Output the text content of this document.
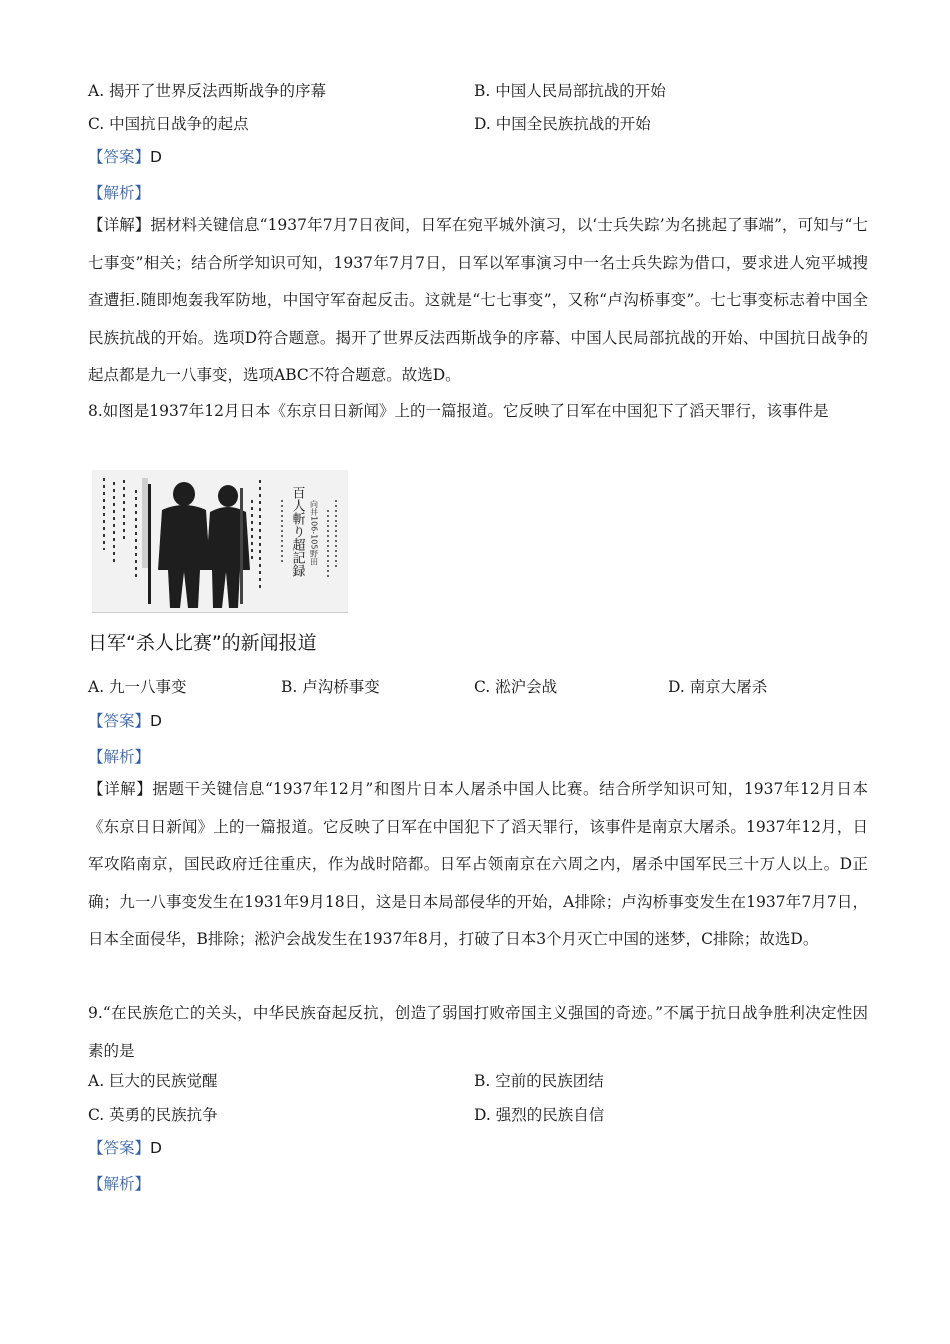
A. 揭开了世界反法西斯战争的序幕	B. 中国人民局部抗战的开始
C. 中国抗日战争的起点	D. 中国全民族抗战的开始
【答案】D
【解析】
【详解】据材料关键信息“1937年7月7日夜间，日军在宛平城外演习，以‘士兵失踪’为名挑起了事端”，可知与“七七事变”相关；结合所学知识可知，1937年7月7日，日军以军事演习中一名士兵失踪为借口，要求进人宛平城搜查遭拒.随即炮轰我军防地，中国守军奋起反击。这就是“七七事变”，又称“卢沟桥事变”。七七事变标志着中国全民族抗战的开始。选项D符合题意。揭开了世界反法西斯战争的序幕、中国人民局部抗战的开始、中国抗日战争的起点都是九一八事变，选项ABC不符合题意。故选D。
8.如图是1937年12月日本《东京日日新闻》上的一篇报道。它反映了日军在中国犯下了滔天罪行，该事件是
百人斬り超記録 向井106-105野田
日军“杀人比赛”的新闻报道
A. 九一八事变	B. 卢沟桥事变	C. 淞沪会战	D. 南京大屠杀
【答案】D
【解析】
【详解】据题干关键信息“1937年12月”和图片日本人屠杀中国人比赛。结合所学知识可知，1937年12月日本《东京日日新闻》上的一篇报道。它反映了日军在中国犯下了滔天罪行，该事件是南京大屠杀。1937年12月，日军攻陷南京，国民政府迁往重庆，作为战时陪都。日军占领南京在六周之内，屠杀中国军民三十万人以上。D正确；九一八事变发生在1931年9月18日，这是日本局部侵华的开始，A排除；卢沟桥事变发生在1937年7月7日，日本全面侵华，B排除；淞沪会战发生在1937年8月，打破了日本3个月灭亡中国的迷梦，C排除；故选D。
9.“在民族危亡的关头，中华民族奋起反抗，创造了弱国打败帝国主义强国的奇迹。”不属于抗日战争胜利决定性因素的是
A. 巨大的民族觉醒	B. 空前的民族团结
C. 英勇的民族抗争	D. 强烈的民族自信
【答案】D
【解析】
